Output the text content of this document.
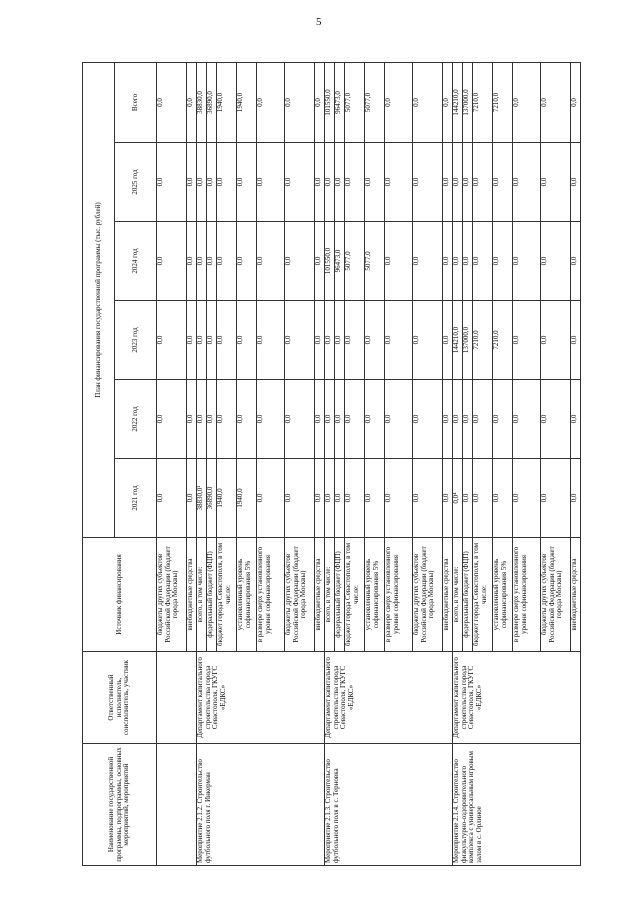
5
Наименование государственной программы, подпрограммы, основных мероприятий, мероприятий	Ответственный исполнитель, соисполнитель, участник	Источник финансирования	План финансирования государственной программы (тыс. рублей)					
			2021 год	2022 год	2023 год	2024 год	2025 год	Всего
		бюджеты других субъектов Российской Федерации (бюджет города Москвы)	0,0	0,0	0,0	0,0	0,0	0,0
		внебюджетные средства	0,0	0,0	0,0	0,0	0,0	0,0
Мероприятие 2.1.2. Строительство футбольного поля г. Инкерман	Департамент капитального строительства города Севастополя, ГКУГС «ЕДКС»	всего, в том числе:	38830,0¹	0,0	0,0	0,0	0,0	38830,0
		федеральный бюджет (ФЦП)	36890,0	0,0	0,0	0,0	0,0	36890,0
		бюджет города Севастополя, в том числе:	1940,0	0,0	0,0	0,0	0,0	1940,0
		установленный уровень софинансирования 5%	1940,0	0,0	0,0	0,0	0,0	1940,0
		в размере сверх установленного уровня софинансирования	0,0	0,0	0,0	0,0	0,0	0,0
		бюджеты других субъектов Российской Федерации (бюджет города Москвы)	0,0	0,0	0,0	0,0	0,0	0,0
		внебюджетные средства	0,0	0,0	0,0	0,0	0,0	0,0
Мероприятие 2.1.3. Строительство футбольного поля в с. Терновка	Департамент капитального строительства города Севастополя, ГКУГС «ЕДКС»	всего, в том числе:	0,0	0,0	0,0	101550,0	0,0	101550,0
		федеральный бюджет (ФЦП)	0,0	0,0	0,0	96473,0	0,0	96473,0
		бюджет города Севастополя, в том числе:	0,0	0,0	0,0	5077,0	0,0	5077,0
		установленный уровень софинансирования 5%	0,0	0,0	0,0	5077,0	0,0	5077,0
		в размере сверх установленного уровня софинансирования	0,0	0,0	0,0	0,0	0,0	0,0
		бюджеты других субъектов Российской Федерации (бюджет города Москвы)	0,0	0,0	0,0	0,0	0,0	0,0
		внебюджетные средства	0,0	0,0	0,0	0,0	0,0	0,0
Мероприятие 2.1.4. Строительство физкультурно-оздоровительного комплекса с универсальным игровым залом в с. Орлиное	Департамент капитального строительства города Севастополя, ГКУГС «ЕДКС»	всего, в том числе:	0,0⁴	0,0	144210,0	0,0	0,0	144210,0
		федеральный бюджет (ФЦП)	0,0	0,0	137000,0	0,0	0,0	137000,0
		бюджет города Севастополя, в том числе:	0,0	0,0	7210,0	0,0	0,0	7210,0
		установленный уровень софинансирования 5%	0,0	0,0	7210,0	0,0	0,0	7210,0
		в размере сверх установленного уровня софинансирования	0,0	0,0	0,0	0,0	0,0	0,0
		бюджеты других субъектов Российской Федерации (бюджет города Москвы)	0,0	0,0	0,0	0,0	0,0	0,0
		внебюджетные средства	0,0	0,0	0,0	0,0	0,0	0,0
